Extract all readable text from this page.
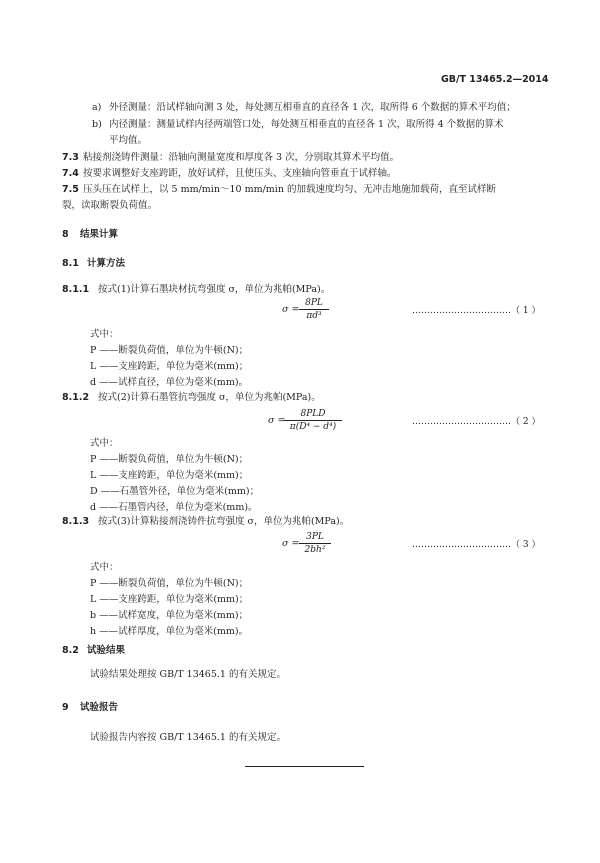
GB/T 13465.2—2014
a) 外径测量：沿试样轴向测 3 处，每处测互相垂直的直径各 1 次，取所得 6 个数据的算术平均值；
b) 内径测量：测量试样内径两端管口处，每处测互相垂直的直径各 1 次，取所得 4 个数据的算术
平均值。
7.3 粘接剂浇铸件测量：沿轴向测量宽度和厚度各 3 次，分别取其算术平均值。
7.4 按要求调整好支座跨距，放好试样，且使压头、支座轴向管垂直于试样轴。
7.5 压头压在试样上，以 5 mm/min～10 mm/min 的加载速度均匀、无冲击地施加载荷，直至试样断
裂，读取断裂负荷值。
8 结果计算
8.1 计算方法
8.1.1 按式(1)计算石墨块材抗弯强度 σ，单位为兆帕(MPa)。
$\sigma = \frac{8PL}{\text{πd³}}$	……………………………（ 1 ）
式中：
P ——断裂负荷值，单位为牛顿(N)；
L ——支座跨距，单位为毫米(mm)；
d ——试样直径，单位为毫米(mm)。
8.1.2 按式(2)计算石墨管抗弯强度 σ，单位为兆帕(MPa)。
σ =
8PLD
π(D⁴ − d⁴)	……………………………（ 2 ）
式中：
P ——断裂负荷值，单位为牛顿(N)；
L ——支座跨距，单位为毫米(mm)；
D ——石墨管外径，单位为毫米(mm)；
d ——石墨管内径，单位为毫米(mm)。
8.1.3 按式(3)计算粘接剂浇铸件抗弯强度 σ，单位为兆帕(MPa)。
$\sigma = \frac{3PL}{\text{2bh²}}$	……………………………（ 3 ）
式中：
P ——断裂负荷值，单位为牛顿(N)；
L ——支座跨距，单位为毫米(mm)；
b ——试样宽度，单位为毫米(mm)；
h ——试样厚度，单位为毫米(mm)。
8.2 试验结果
试验结果处理按 GB/T 13465.1 的有关规定。
9 试验报告
试验报告内容按 GB/T 13465.1 的有关规定。
